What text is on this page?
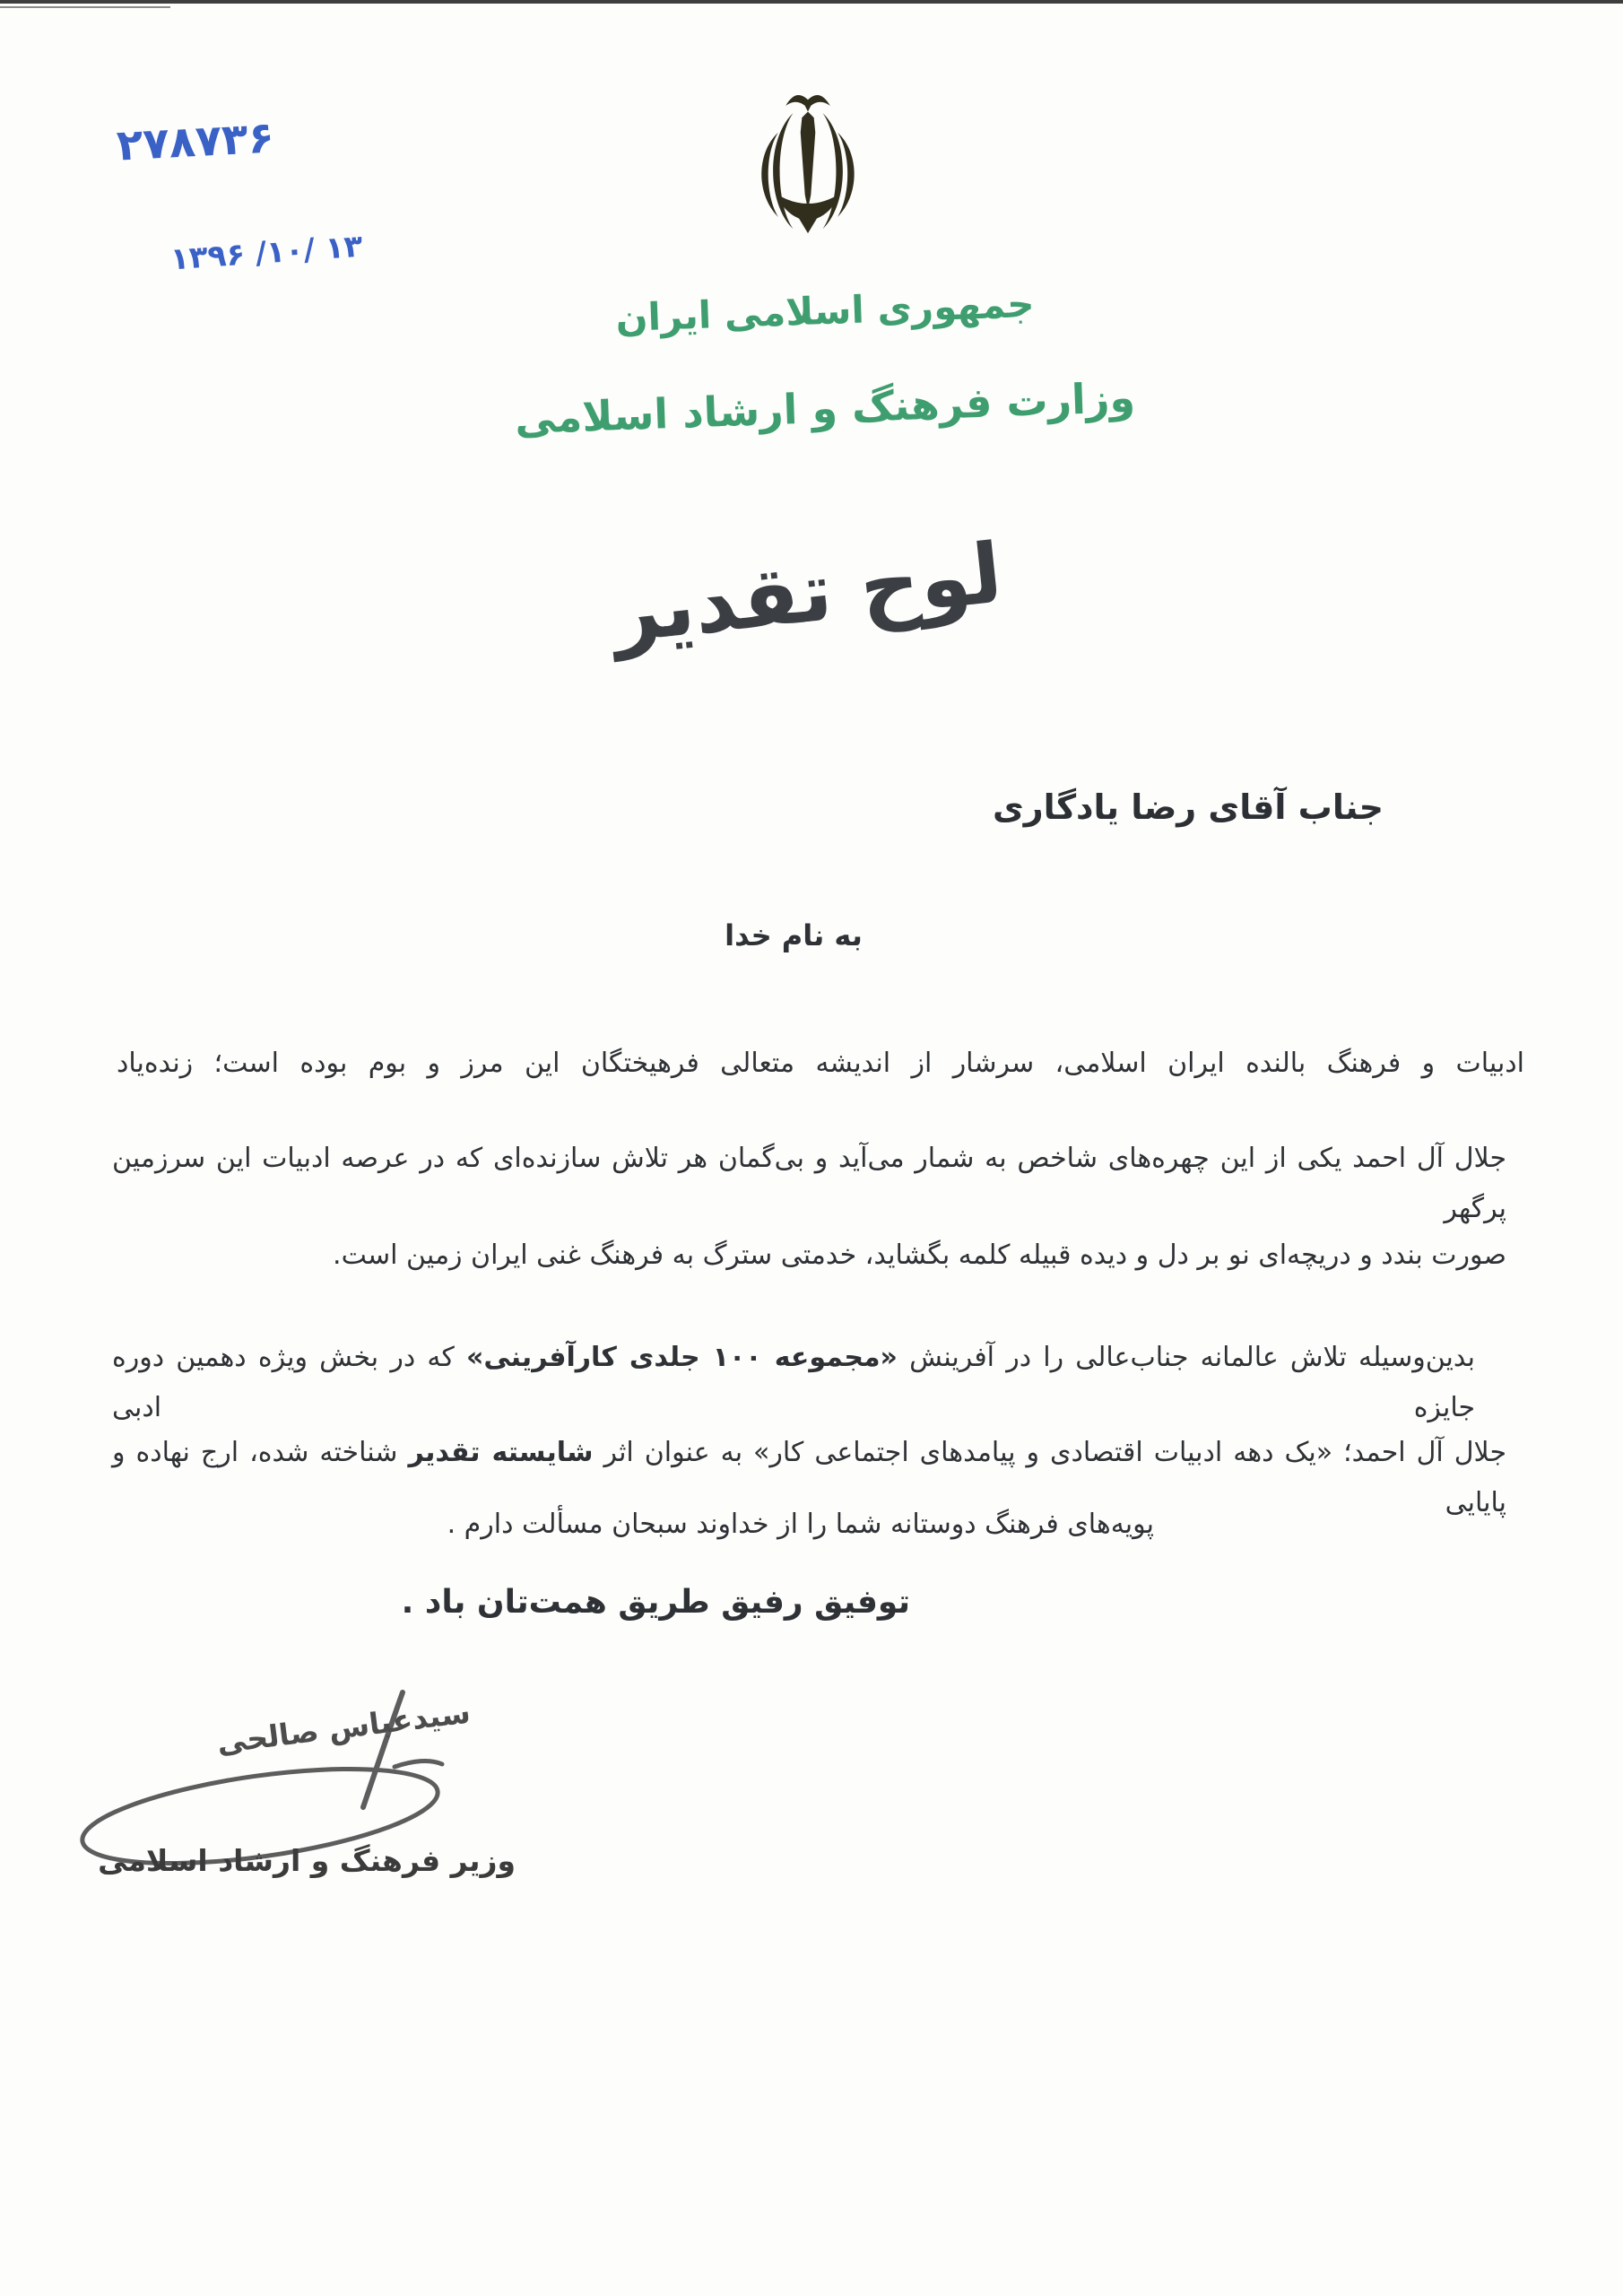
۲۷۸۷۳۶
۱۳۹۶ /۱۰/ ۱۳
جمهوری اسلامی ایران
وزارت فرهنگ و ارشاد اسلامی
لوح تقدیر
جناب آقای رضا یادگاری
به نام خدا
ادبیات و فرهنگ بالنده ایران اسلامی، سرشار از اندیشه متعالی فرهیختگان این مرز و بوم بوده است؛ زنده‌یاد
جلال آل احمد یکی از این چهره‌های شاخص به شمار می‌آید و بی‌گمان هر تلاش سازنده‌ای که در عرصه ادبیات این سرزمین پرگهر
صورت بندد و دریچه‌ای نو بر دل و دیده قبیله کلمه بگشاید، خدمتی سترگ به فرهنگ غنی ایران زمین است.
بدین‌وسیله تلاش عالمانه جناب‌عالی را در آفرینش «مجموعه ۱۰۰ جلدی کارآفرینی» که در بخش ویژه دهمین دوره جایزه ادبی
جلال آل احمد؛ «یک دهه ادبیات اقتصادی و پیامدهای اجتماعی کار» به عنوان اثر شایسته تقدیر شناخته شده، ارج نهاده و پایایی
پویه‌های فرهنگ دوستانه شما را از خداوند سبحان مسألت دارم .
توفیق رفیق طریق همت‌تان باد .
سیدعباس صالحی
وزیر فرهنگ و ارشاد اسلامی
